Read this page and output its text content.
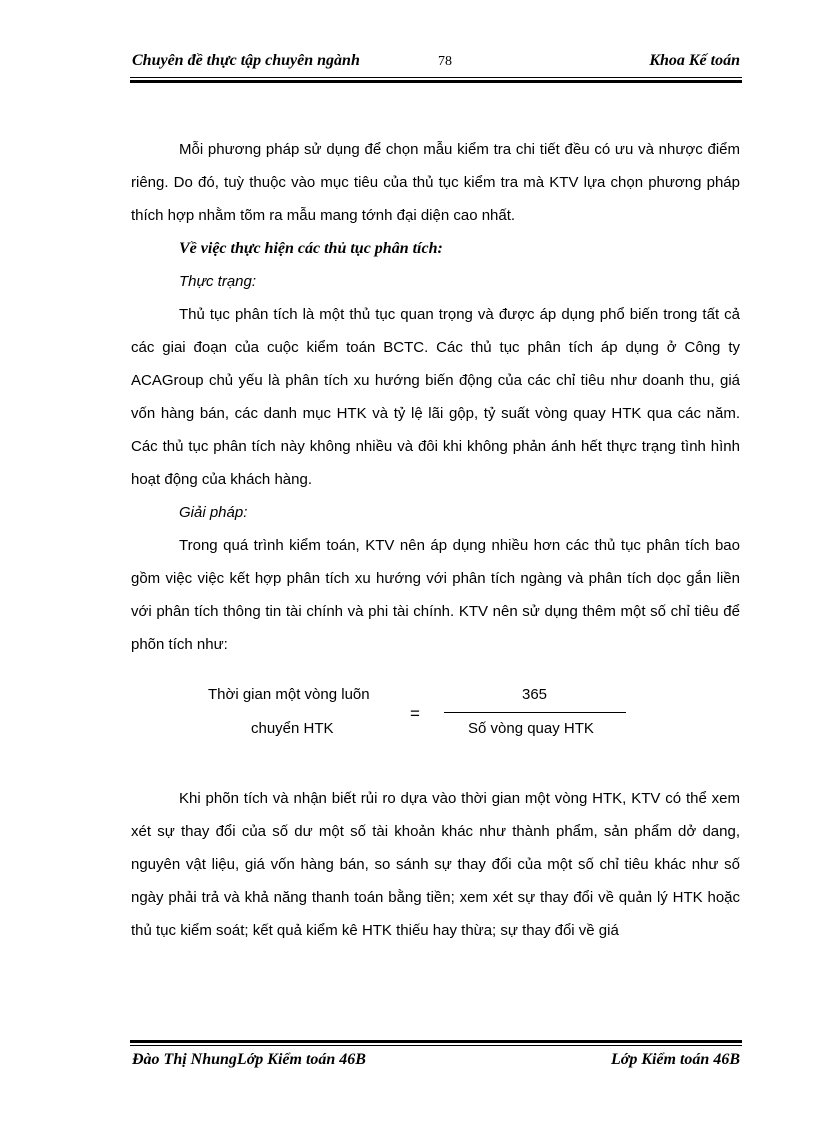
Chuyên đề thực tập chuyên ngành	78	Khoa Kế toán

Mỗi phương pháp sử dụng để chọn mẫu kiểm tra chi tiết đều có ưu và nhược điểm riêng. Do đó, tuỳ thuộc vào mục tiêu của thủ tục kiểm tra mà KTV lựa chọn phương pháp thích hợp nhằm tõm ra mẫu mang tớnh đại diện cao nhất.

Về việc thực hiện các thủ tục phân tích:

Thực trạng:

Thủ tục phân tích là một thủ tục quan trọng và được áp dụng phổ biến trong tất cả các giai đoạn của cuộc kiểm toán BCTC. Các thủ tục phân tích áp dụng ở Công ty ACAGroup chủ yếu là phân tích xu hướng biến động của các chỉ tiêu như doanh thu, giá vốn hàng bán, các danh mục HTK và tỷ lệ lãi gộp, tỷ suất vòng quay HTK qua các năm. Các thủ tục phân tích này không nhiều và đôi khi không phản ánh hết thực trạng tình hình hoạt động của khách hàng.

Giải pháp:

Trong quá trình kiểm toán, KTV nên áp dụng nhiều hơn các thủ tục phân tích bao gồm việc việc kết hợp phân tích xu hướng với phân tích ngàng và phân tích dọc gắn liền với phân tích thông tin tài chính và phi tài chính. KTV nên sử dụng thêm một số chỉ tiêu để phõn tích như:

Thời gian một vòng luõn
chuyển HTK
=
365
Số vòng quay HTK

Khi phõn tích và nhận biết rủi ro dựa vào thời gian một vòng HTK, KTV có thể xem xét sự thay đổi của số dư một số tài khoản khác như thành phẩm, sản phẩm dở dang, nguyên vật liệu, giá vốn hàng bán, so sánh sự thay đổi của một số chỉ tiêu khác như số ngày phải trả và khả năng thanh toán bằng tiền; xem xét sự thay đổi về quản lý HTK hoặc thủ tục kiểm soát; kết quả kiểm kê HTK thiếu hay thừa; sự thay đổi về giá

Đào Thị NhungLớp Kiểm toán 46B	Lớp Kiểm toán 46B
